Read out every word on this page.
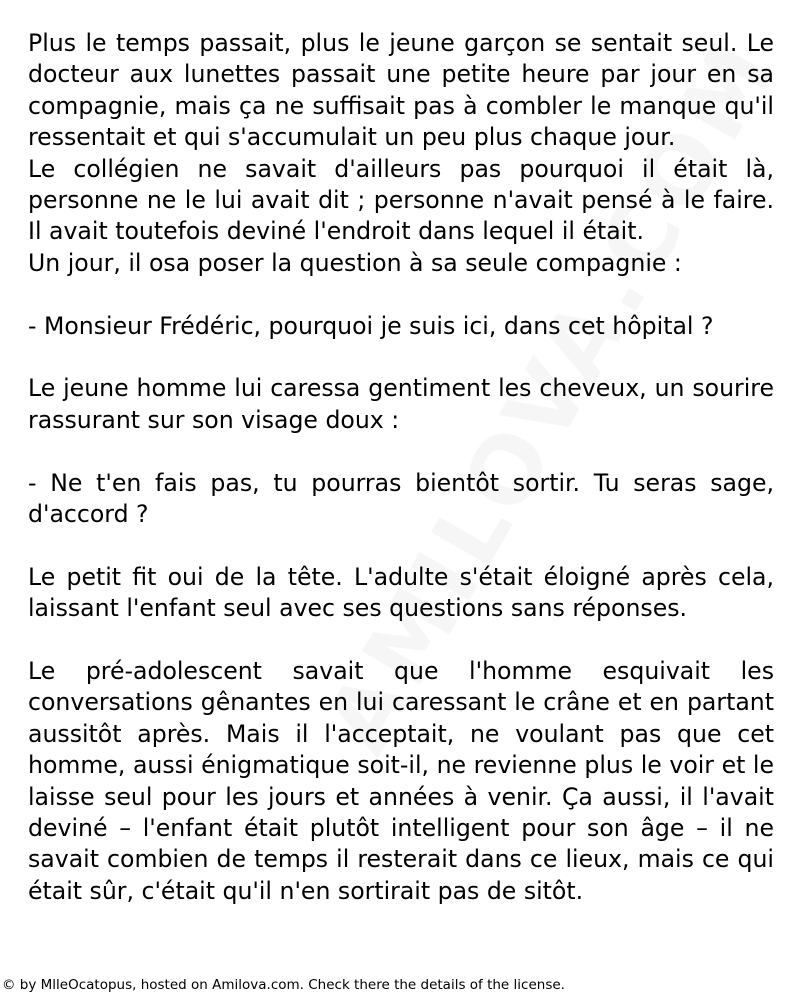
Plus le temps passait, plus le jeune garçon se sentait seul. Le docteur aux lunettes passait une petite heure par jour en sa compagnie, mais ça ne suffisait pas à combler le manque qu'il ressentait et qui s'accumulait un peu plus chaque jour.

Le collégien ne savait d'ailleurs pas pourquoi il était là, personne ne le lui avait dit ; personne n'avait pensé à le faire. Il avait toutefois deviné l'endroit dans lequel il était.

Un jour, il osa poser la question à sa seule compagnie :

- Monsieur Frédéric, pourquoi je suis ici, dans cet hôpital ?

Le jeune homme lui caressa gentiment les cheveux, un sourire rassurant sur son visage doux :

- Ne t'en fais pas, tu pourras bientôt sortir. Tu seras sage, d'accord ?

Le petit fit oui de la tête. L'adulte s'était éloigné après cela, laissant l'enfant seul avec ses questions sans réponses.

Le pré-adolescent savait que l'homme esquivait les conversations gênantes en lui caressant le crâne et en partant aussitôt après. Mais il l'acceptait, ne voulant pas que cet homme, aussi énigmatique soit-il, ne revienne plus le voir et le laisse seul pour les jours et années à venir. Ça aussi, il l'avait deviné – l'enfant était plutôt intelligent pour son âge – il ne savait combien de temps il resterait dans ce lieux, mais ce qui était sûr, c'était qu'il n'en sortirait pas de sitôt.

© by MlleOcatopus, hosted on Amilova.com. Check there the details of the license.
